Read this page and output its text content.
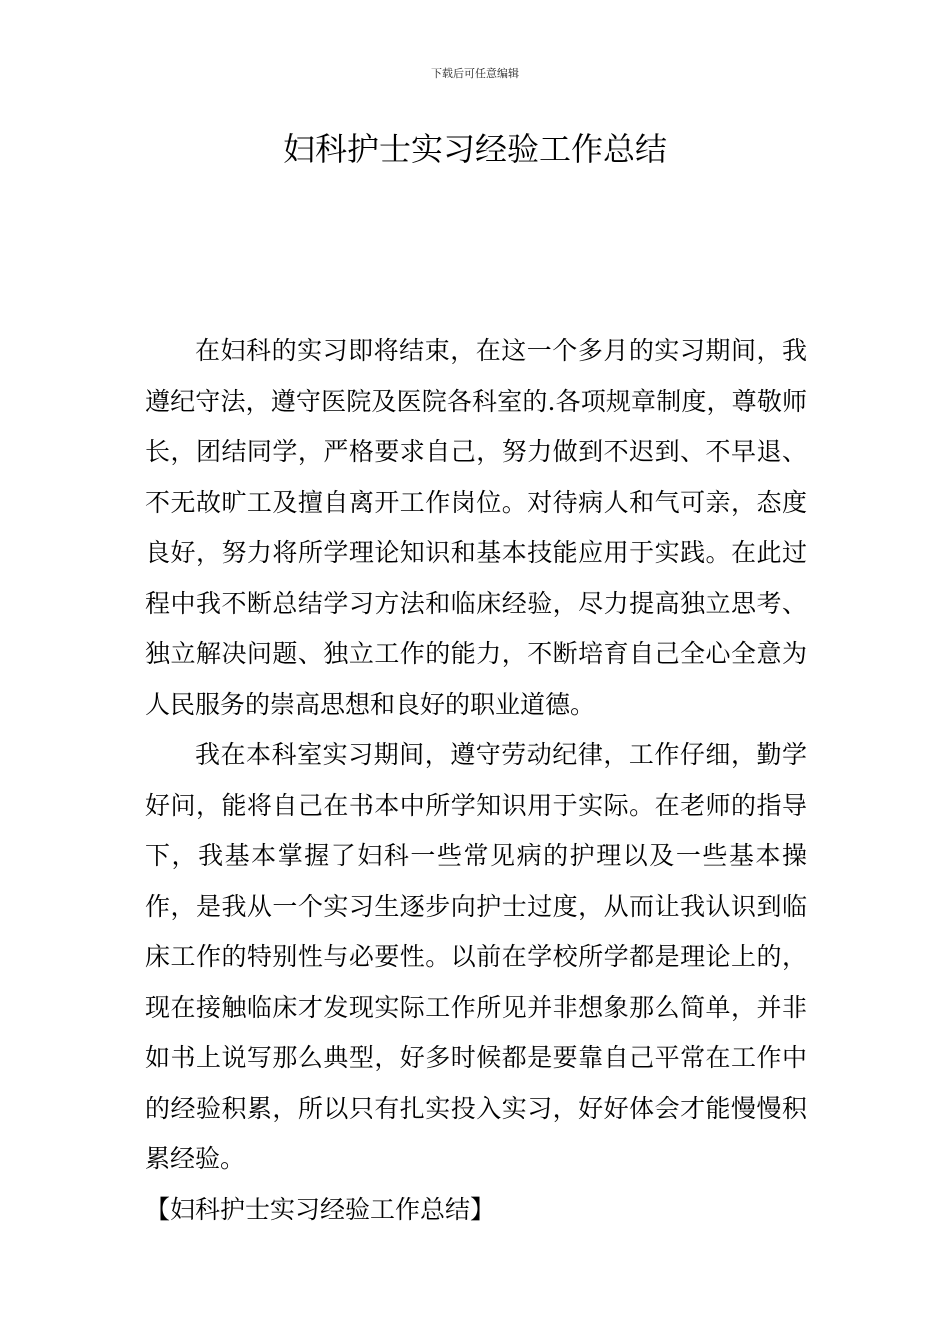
下载后可任意编辑
妇科护士实习经验工作总结

在妇科的实习即将结束，在这一个多月的实习期间，我遵纪守法，遵守医院及医院各科室的.各项规章制度，尊敬师长，团结同学，严格要求自己，努力做到不迟到、不早退、不无故旷工及擅自离开工作岗位。对待病人和气可亲，态度良好，努力将所学理论知识和基本技能应用于实践。在此过程中我不断总结学习方法和临床经验，尽力提高独立思考、独立解决问题、独立工作的能力，不断培育自己全心全意为人民服务的崇高思想和良好的职业道德。

我在本科室实习期间，遵守劳动纪律，工作仔细，勤学好问，能将自己在书本中所学知识用于实际。在老师的指导下，我基本掌握了妇科一些常见病的护理以及一些基本操作，是我从一个实习生逐步向护士过度，从而让我认识到临床工作的特别性与必要性。以前在学校所学都是理论上的，现在接触临床才发现实际工作所见并非想象那么简单，并非如书上说写那么典型，好多时候都是要靠自己平常在工作中的经验积累，所以只有扎实投入实习，好好体会才能慢慢积累经验。

【妇科护士实习经验工作总结】
